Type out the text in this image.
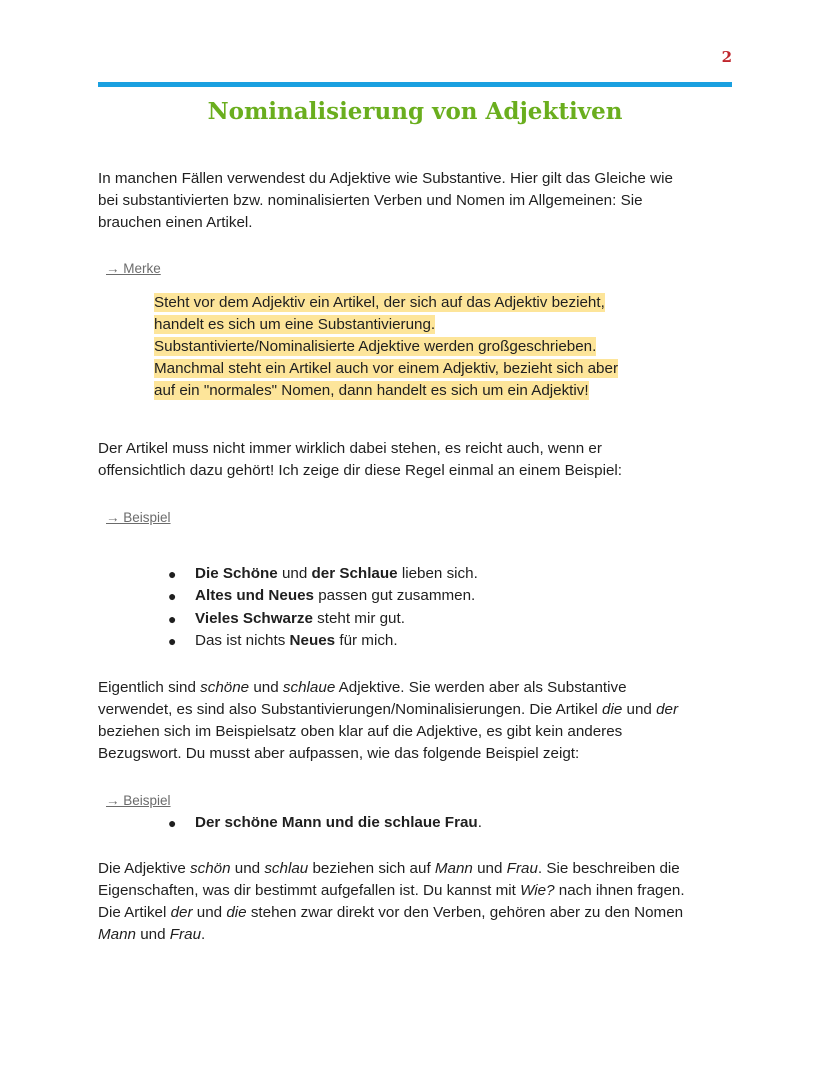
2
Nominalisierung von Adjektiven

In manchen Fällen verwendest du Adjektive wie Substantive. Hier gilt das Gleiche wie
bei substantivierten bzw. nominalisierten Verben und Nomen im Allgemeinen: Sie
brauchen einen Artikel.

→ Merke

Steht vor dem Adjektiv ein Artikel, der sich auf das Adjektiv bezieht,
handelt es sich um eine Substantivierung.
Substantivierte/Nominalisierte Adjektive werden großgeschrieben.
Manchmal steht ein Artikel auch vor einem Adjektiv, bezieht sich aber
auf ein "normales" Nomen, dann handelt es sich um ein Adjektiv!

Der Artikel muss nicht immer wirklich dabei stehen, es reicht auch, wenn er
offensichtlich dazu gehört! Ich zeige dir diese Regel einmal an einem Beispiel:

→ Beispiel

● Die Schöne und der Schlaue lieben sich.
● Altes und Neues passen gut zusammen.
● Vieles Schwarze steht mir gut.
● Das ist nichts Neues für mich.

Eigentlich sind schöne und schlaue Adjektive. Sie werden aber als Substantive
verwendet, es sind also Substantivierungen/Nominalisierungen. Die Artikel die und der
beziehen sich im Beispielsatz oben klar auf die Adjektive, es gibt kein anderes
Bezugswort. Du musst aber aufpassen, wie das folgende Beispiel zeigt:

→ Beispiel

● Der schöne Mann und die schlaue Frau.

Die Adjektive schön und schlau beziehen sich auf Mann und Frau. Sie beschreiben die
Eigenschaften, was dir bestimmt aufgefallen ist. Du kannst mit Wie? nach ihnen fragen.
Die Artikel der und die stehen zwar direkt vor den Verben, gehören aber zu den Nomen
Mann und Frau.
